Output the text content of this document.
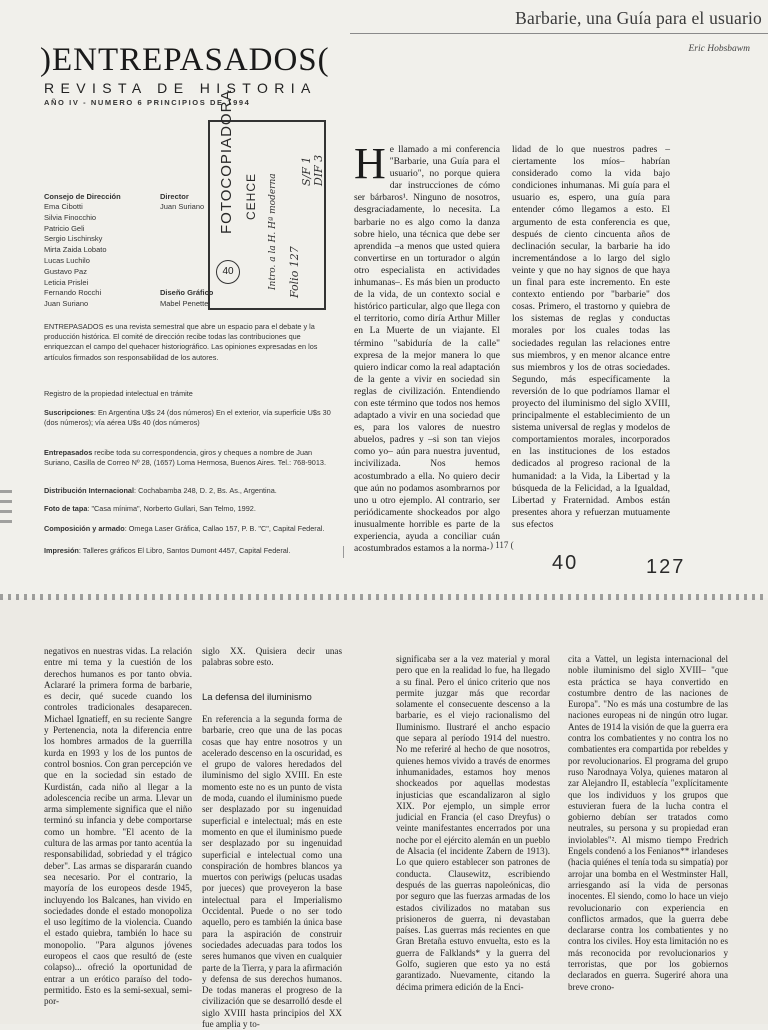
Barbarie, una Guía para el usuario
Eric Hobsbawm
)ENTREPASADOS(
REVISTA DE HISTORIA
AÑO IV - NUMERO 6 PRINCIPIOS DE 1994
FOTOCOPIADORA CEHCE
40	Intro. a la H. Hª moderna Folio 127
S/F 1 DIF 3
Consejo de Dirección
Ema Cibotti
Silvia Finocchio
Patricio Geli
Sergio Lischinsky
Mirta Zaida Lobato
Lucas Luchilo
Gustavo Paz
Leticia Prislei
Fernando Rocchi
Juan Suriano
Director
Juan Suriano
Diseño Gráfico
Mabel Penette
ENTREPASADOS es una revista semestral que abre un espacio para el debate y la producción histórica. El comité de dirección recibe todas las contribuciones que enriquezcan el campo del quehacer historiográfico. Las opiniones expresadas en los artículos firmados son responsabilidad de los autores.
Registro de la propiedad intelectual en trámite
Suscripciones: En Argentina U$s 24 (dos números) En el exterior, vía superficie U$s 30 (dos números); vía aérea U$s 40 (dos números)
Entrepasados recibe toda su correspondencia, giros y cheques a nombre de Juan Suriano, Casilla de Correo Nº 28, (1657) Loma Hermosa, Buenos Aires. Tel.: 768-9013.
Distribución Internacional: Cochabamba 248, D. 2, Bs. As., Argentina.
Foto de tapa: "Casa mínima", Norberto Gullari, San Telmo, 1992.
Composición y armado: Omega Laser Gráfica, Callao 157, P. B. "C", Capital Federal.
Impresión: Talleres gráficos El Libro, Santos Dumont 4457, Capital Federal.
He llamado a mi conferencia "Barbarie, una Guía para el usuario", no porque quiera dar instrucciones de cómo ser bárbaros¹. Ninguno de nosotros, desgraciadamente, lo necesita. La barbarie no es algo como la danza sobre hielo, una técnica que debe ser aprendida –a menos que usted quiera convertirse en un torturador o algún otro especialista en actividades inhumanas–. Es más bien un producto de la vida, de un contexto social e histórico particular, algo que llega con el territorio, como diría Arthur Miller en La Muerte de un viajante. El término "sabiduría de la calle" expresa de la mejor manera lo que quiero indicar como la real adaptación de la gente a vivir en sociedad sin reglas de civilización. Entendiendo con este término que todos nos hemos adaptado a vivir en una sociedad que es, para los valores de nuestro abuelos, padres y –si son tan viejos como yo– aún para nuestra juventud, incivilizada. Nos hemos acostumbrado a ella. No quiero decir que aún no podamos asombrarnos por uno u otro ejemplo. Al contrario, ser periódicamente shockeados por algo inusualmente horrible es parte de la experiencia, ayuda a conciliar cuán acostumbrados estamos a la norma-
lidad de lo que nuestros padres –ciertamente los míos– habrían considerado como la vida bajo condiciones inhumanas. Mi guía para el usuario es, espero, una guía para entender cómo llegamos a esto. El argumento de esta conferencia es que, después de ciento cincuenta años de declinación secular, la barbarie ha ido incrementándose a lo largo del siglo veinte y que no hay signos de que haya un final para este incremento. En este contexto entiendo por "barbarie" dos cosas. Primero, el trastorno y quiebra de los sistemas de reglas y conductas morales por los cuales todas las sociedades regulan las relaciones entre sus miembros, y en menor alcance entre sus miembros y los de otras sociedades. Segundo, más específicamente la reversión de lo que podríamos llamar el proyecto del iluminismo del siglo XVIII, principalmente el establecimiento de un sistema universal de reglas y modelos de comportamientos morales, incorporados en las instituciones de los estados dedicados al progreso racional de la humanidad: a la Vida, la Libertad y la búsqueda de la Felicidad, a la Igualdad, Libertad y Fraternidad. Ambos están presentes ahora y refuerzan mutuamente sus efectos
) 117 (
40	127
negativos en nuestras vidas. La relación entre mi tema y la cuestión de los derechos humanos es por tanto obvia. Aclararé la primera forma de barbarie, es decir, qué sucede cuando los controles tradicionales desaparecen. Michael Ignatieff, en su reciente Sangre y Pertenencia, nota la diferencia entre los hombres armados de la guerrilla kurda en 1993 y los de los puntos de control bosnios. Con gran percepción ve que en la sociedad sin estado de Kurdistán, cada niño al llegar a la adolescencia recibe un arma. Llevar un arma simplemente significa que el niño terminó su infancia y debe comportarse como un hombre. "El acento de la cultura de las armas por tanto acentúa la responsabilidad, sobriedad y el trágico deber". Las armas se dispararán cuando sea necesario. Por el contrario, la mayoría de los europeos desde 1945, incluyendo los Balcanes, han vivido en sociedades donde el estado monopoliza el uso legítimo de la violencia. Cuando el estado quiebra, también lo hace su monopolio. "Para algunos jóvenes europeos el caos que resultó de (este colapso)... ofreció la oportunidad de entrar a un erótico paraíso del todo-permitido. Esto es la semi-sexual, semi-por-
siglo XX. Quisiera decir unas palabras sobre esto.
La defensa del iluminismo
En referencia a la segunda forma de barbarie, creo que una de las pocas cosas que hay entre nosotros y un acelerado descenso en la oscuridad, es el grupo de valores heredados del iluminismo del siglo XVIII. En este momento este no es un punto de vista de moda, cuando el iluminismo puede ser desplazado por su ingenuidad superficial e intelectual; más en este momento en que el iluminismo puede ser desplazado por su ingenuidad superficial e intelectual como una conspiración de hombres blancos ya muertos con periwigs (pelucas usadas por jueces) que proveyeron la base intelectual para el Imperialismo Occidental. Puede o no ser todo aquello, pero es también la única base para la aspiración de construir sociedades adecuadas para todos los seres humanos que viven en cualquier parte de la Tierra, y para la afirmación y defensa de sus derechos humanos. De todas maneras el progreso de la civilización que se desarrolló desde el siglo XVIII hasta principios del XX fue amplia y to-
significaba ser a la vez material y moral pero que en la realidad lo fue, ha llegado a su final. Pero el único criterio que nos permite juzgar más que recordar solamente el consecuente descenso a la barbarie, es el viejo racionalismo del Iluminismo. Ilustraré el ancho espacio que separa al período 1914 del nuestro. No me referiré al hecho de que nosotros, quienes hemos vivido a través de enormes inhumanidades, estamos hoy menos shockeados por aquellas modestas injusticias que escandalizaron al siglo XIX. Por ejemplo, un simple error judicial en Francia (el caso Dreyfus) o veinte manifestantes encerrados por una noche por el ejército alemán en un pueblo de Alsacia (el incidente Zabern de 1913). Lo que quiero establecer son patrones de conducta. Clausewitz, escribiendo después de las guerras napoleónicas, dio por seguro que las fuerzas armadas de los estados civilizados no mataban sus prisioneros de guerra, ni devastaban países. Las guerras más recientes en que Gran Bretaña estuvo envuelta, esto es la guerra de Falklands* y la guerra del Golfo, sugieren que esto ya no está garantizado. Nuevamente, citando la décima primera edición de la Enci-
cita a Vattel, un legista internacional del noble iluminismo del siglo XVIII– "que esta práctica se haya convertido en costumbre dentro de las naciones de Europa". "No es más una costumbre de las naciones europeas ni de ningún otro lugar. Antes de 1914 la visión de que la guerra era contra los combatientes y no contra los no combatientes era compartida por rebeldes y por revolucionarios. El programa del grupo ruso Narodnaya Volya, quienes mataron al zar Alejandro II, establecía "explícitamente que los individuos y los grupos que estuvieran fuera de la lucha contra el gobierno debían ser tratados como neutrales, su persona y su propiedad eran inviolables"². Al mismo tiempo Fredrich Engels condenó a los Fenianos** irlandeses (hacia quiénes el tenía toda su simpatía) por arrojar una bomba en el Westminster Hall, arriesgando así la vida de personas inocentes. El siendo, como lo hace un viejo revolucionario con experiencia en conflictos armados, que la guerra debe declararse contra los combatientes y no contra los civiles. Hoy esta limitación no es más reconocida por revolucionarios y terroristas, que por los gobiernos declarados en guerra. Sugeriré ahora una breve crono-
